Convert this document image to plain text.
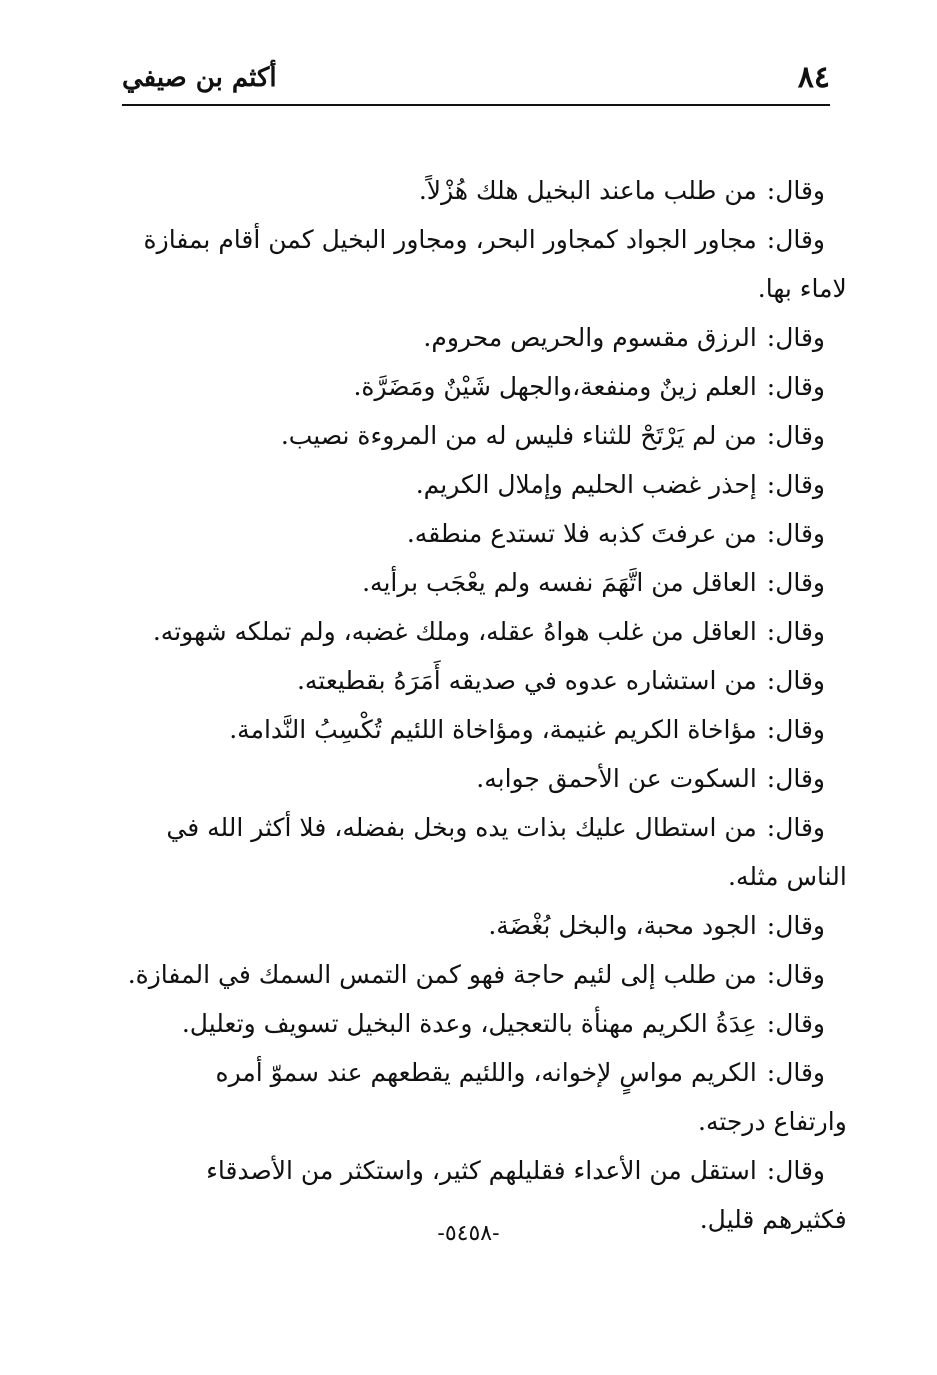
٨٤
أكثم بن صيفي
وقال:
من طلب ماعند البخيل هلك هُزْلاً.
وقال:
مجاور الجواد كمجاور البحر، ومجاور البخيل كمن أقام بمفازة
لاماء بها.
وقال:
الرزق مقسوم والحريص محروم.
وقال:
العلم زينٌ ومنفعة،والجهل شَيْنٌ ومَضَرَّة.
وقال:
من لم يَرْتَحْ للثناء فليس له من المروءة نصيب.
وقال:
إحذر غضب الحليم وإملال الكريم.
وقال:
من عرفتَ كذبه فلا تستدع منطقه.
وقال:
العاقل من اتَّهَمَ نفسه ولم يعْجَب برأيه.
وقال:
العاقل من غلب هواهُ عقله، وملك غضبه، ولم تملكه شهوته.
وقال:
من استشاره عدوه في صديقه أَمَرَهُ بقطيعته.
وقال:
مؤاخاة الكريم غنيمة، ومؤاخاة اللئيم تُكْسِبُ النَّدامة.
وقال:
السكوت عن الأحمق جوابه.
وقال:
من استطال عليك بذات يده وبخل بفضله، فلا أكثر الله في
الناس مثله.
وقال:
الجود محبة، والبخل بُغْضَة.
وقال:
من طلب إلى لئيم حاجة فهو كمن التمس السمك في المفازة.
وقال:
عِدَةُ الكريم مهنأة بالتعجيل، وعدة البخيل تسويف وتعليل.
وقال:
الكريم مواسٍ لإخوانه، واللئيم يقطعهم عند سموّ أمره
وارتفاع درجته.
وقال:
استقل من الأعداء فقليلهم كثير، واستكثر من الأصدقاء
فكثيرهم قليل.
-٥٤٥٨-
